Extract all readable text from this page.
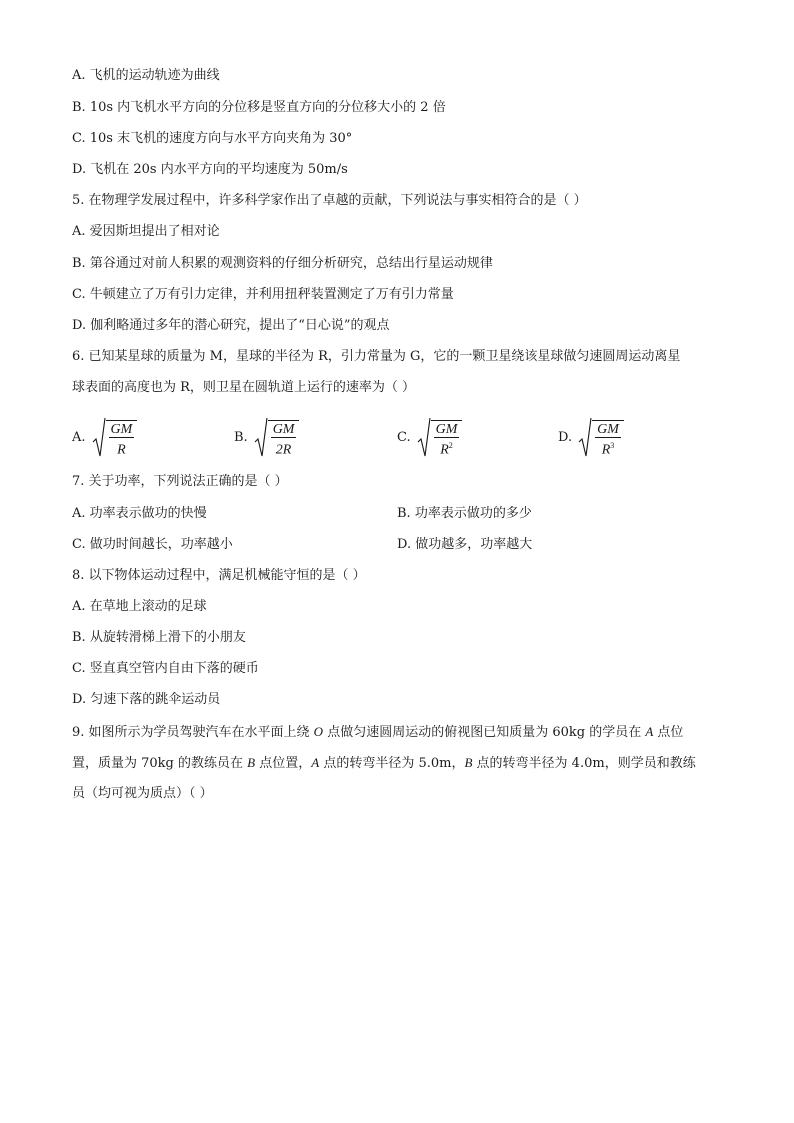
A. 飞机的运动轨迹为曲线
B. 10s 内飞机水平方向的分位移是竖直方向的分位移大小的 2 倍
C. 10s 末飞机的速度方向与水平方向夹角为 30°
D. 飞机在 20s 内水平方向的平均速度为 50m/s
5. 在物理学发展过程中，许多科学家作出了卓越的贡献，下列说法与事实相符合的是（ ）
A. 爱因斯坦提出了相对论
B. 第谷通过对前人积累的观测资料的仔细分析研究，总结出行星运动规律
C. 牛顿建立了万有引力定律，并利用扭秤装置测定了万有引力常量
D. 伽利略通过多年的潜心研究，提出了“日心说”的观点
6. 已知某星球的质量为 M，星球的半径为 R，引力常量为 G，它的一颗卫星绕该星球做匀速圆周运动离星
球表面的高度也为 R，则卫星在圆轨道上运行的速率为（ ）
A. $\frac{GM}{R}$	B. $\frac{GM}{2R}$	C. $\frac{GM}{R^2}$	D. $\frac{GM}{R^3}$
7. 关于功率，下列说法正确的是（ ）
A. 功率表示做功的快慢	B. 功率表示做功的多少
C. 做功时间越长，功率越小	D. 做功越多，功率越大
8. 以下物体运动过程中，满足机械能守恒的是（ ）
A. 在草地上滚动的足球
B. 从旋转滑梯上滑下的小朋友
C. 竖直真空管内自由下落的硬币
D. 匀速下落的跳伞运动员
9. 如图所示为学员驾驶汽车在水平面上绕 O 点做匀速圆周运动的俯视图已知质量为 60kg 的学员在 A 点位
置，质量为 70kg 的教练员在 B 点位置，A 点的转弯半径为 5.0m，B 点的转弯半径为 4.0m，则学员和教练
员（均可视为质点）（ ）
